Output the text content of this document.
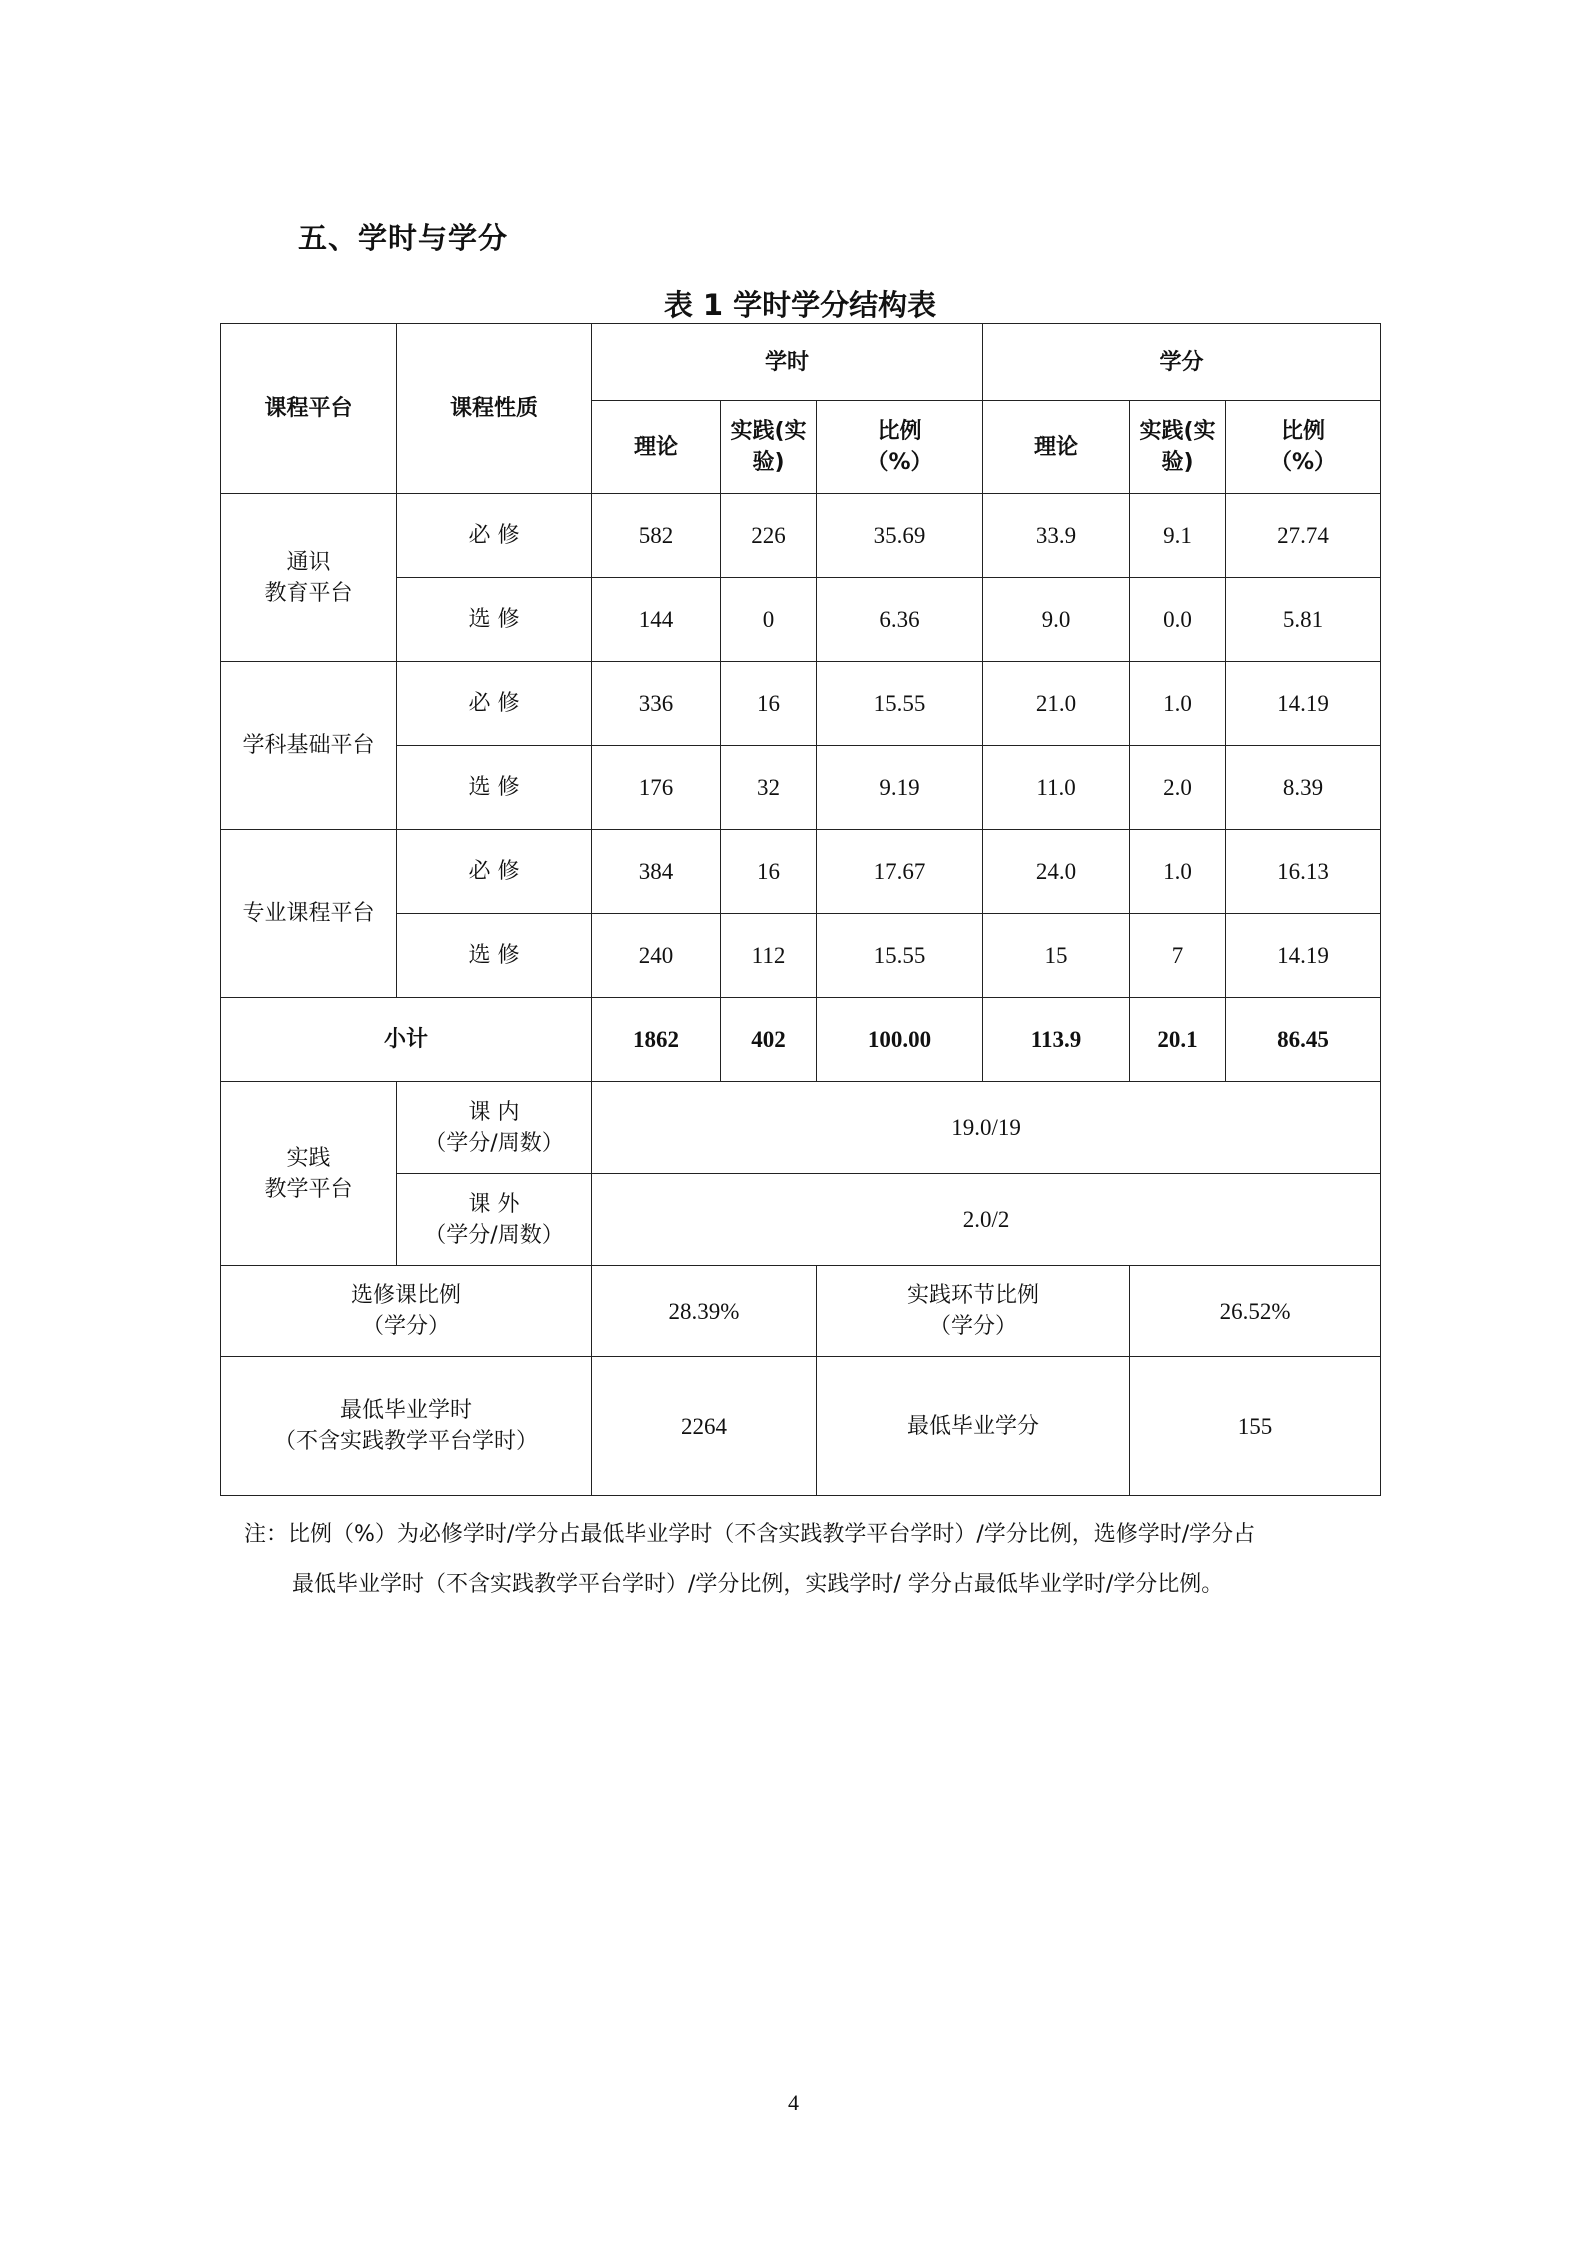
五、学时与学分
表 1 学时学分结构表
课程平台	课程性质	学时			学分		
		理论	实践(实
验)	比例
（%）	理论	实践(实
验)	比例
（%）

通识
教育平台	必 修	582	226	35.69	33.9	9.1	27.74
	选 修	144	0	6.36	9.0	0.0	5.81
学科基础平台	必 修	336	16	15.55	21.0	1.0	14.19
	选 修	176	32	9.19	11.0	2.0	8.39
专业课程平台	必 修	384	16	17.67	24.0	1.0	16.13
	选 修	240	112	15.55	15	7	14.19
小计		1862	402	100.00	113.9	20.1	86.45

实践
教学平台	课 内
（学分/周数）	19.0/19					

	课 外
（学分/周数）	2.0/2					

选修课比例
（学分）		28.39%		实践环节比例
（学分）		26.52%	

最低毕业学时
（不含实践教学平台学时）		2264		最低毕业学分		155	
注：比例（%）为必修学时/学分占最低毕业学时（不含实践教学平台学时）/学分比例，选修学时/学分占
最低毕业学时（不含实践教学平台学时）/学分比例，实践学时/ 学分占最低毕业学时/学分比例。
4
